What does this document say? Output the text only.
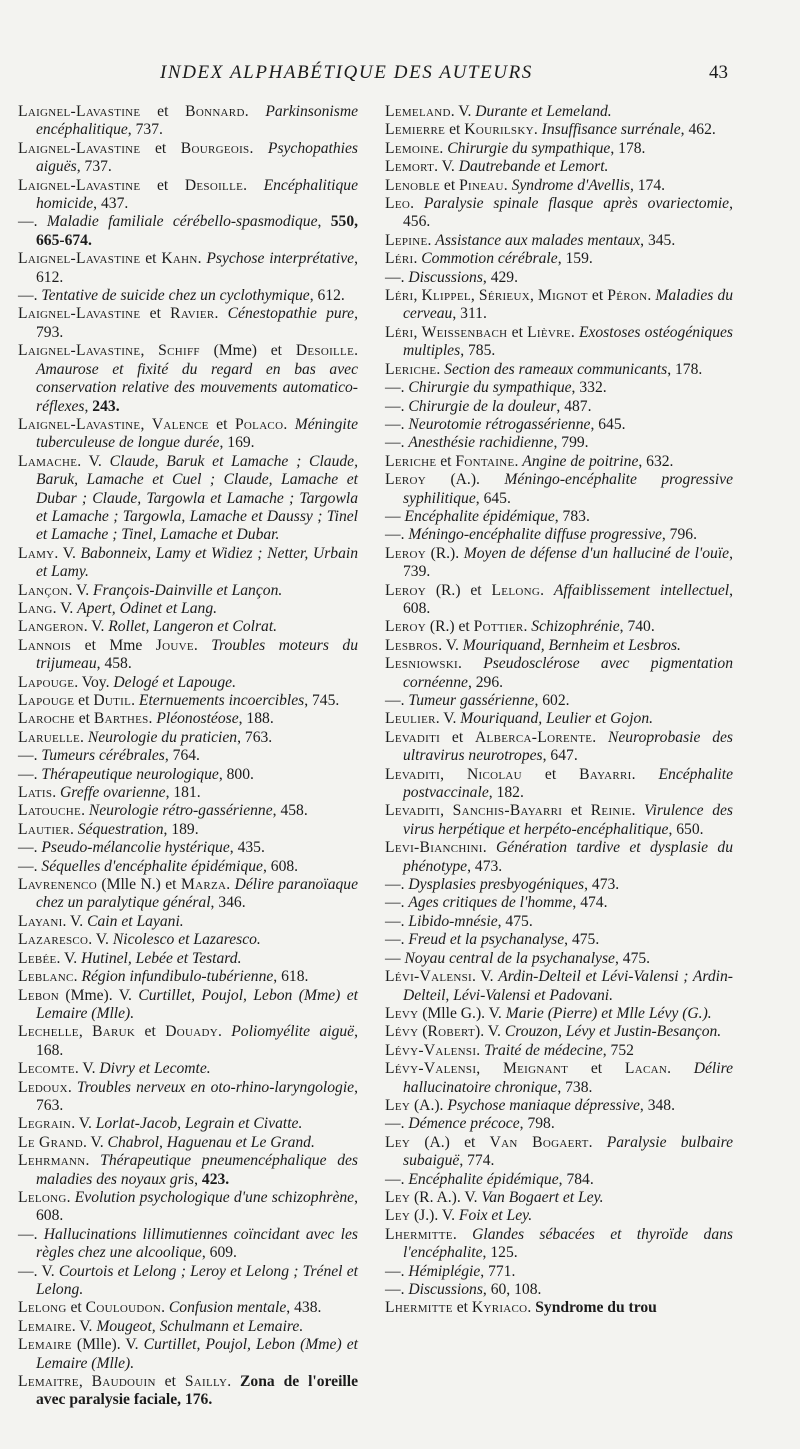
INDEX ALPHABÉTIQUE DES AUTEURS	43
Laignel-Lavastine et Bonnard. Parkinsonisme encéphalitique, 737.
Laignel-Lavastine et Bourgeois. Psychopathies aiguës, 737.
Laignel-Lavastine et Desoille. Encéphalitique homicide, 437.
—. Maladie familiale cérébello-spasmodique, 550, 665-674.
Laignel-Lavastine et Kahn. Psychose interprétative, 612.
—. Tentative de suicide chez un cyclothymique, 612.
Laignel-Lavastine et Ravier. Cénestopathie pure, 793.
Laignel-Lavastine, Schiff (Mme) et Desoille. Amaurose et fixité du regard en bas avec conservation relative des mouvements automatico-réflexes, 243.
Laignel-Lavastine, Valence et Polaco. Méningite tuberculeuse de longue durée, 169.
Lamache. V. Claude, Baruk et Lamache ; Claude, Baruk, Lamache et Cuel ; Claude, Lamache et Dubar ; Claude, Targowla et Lamache ; Targowla et Lamache ; Targowla, Lamache et Daussy ; Tinel et Lamache ; Tinel, Lamache et Dubar.
Lamy. V. Babonneix, Lamy et Widiez ; Netter, Urbain et Lamy.
Lançon. V. François-Dainville et Lançon.
Lang. V. Apert, Odinet et Lang.
Langeron. V. Rollet, Langeron et Colrat.
Lannois et Mme Jouve. Troubles moteurs du trijumeau, 458.
Lapouge. Voy. Delogé et Lapouge.
Lapouge et Dutil. Eternuements incoercibles, 745.
Laroche et Barthes. Pléonostéose, 188.
Laruelle. Neurologie du praticien, 763.
—. Tumeurs cérébrales, 764.
—. Thérapeutique neurologique, 800.
Latis. Greffe ovarienne, 181.
Latouche. Neurologie rétro-gassérienne, 458.
Lautier. Séquestration, 189.
—. Pseudo-mélancolie hystérique, 435.
—. Séquelles d'encéphalite épidémique, 608.
Lavrenenco (Mlle N.) et Marza. Délire paranoïaque chez un paralytique général, 346.
Layani. V. Cain et Layani.
Lazaresco. V. Nicolesco et Lazaresco.
Lebée. V. Hutinel, Lebée et Testard.
Leblanc. Région infundibulo-tubérienne, 618.
Lebon (Mme). V. Curtillet, Poujol, Lebon (Mme) et Lemaire (Mlle).
Lechelle, Baruk et Douady. Poliomyélite aiguë, 168.
Lecomte. V. Divry et Lecomte.
Ledoux. Troubles nerveux en oto-rhino-laryngologie, 763.
Legrain. V. Lorlat-Jacob, Legrain et Civatte.
Le Grand. V. Chabrol, Haguenau et Le Grand.
Lehrmann. Thérapeutique pneumencéphalique des maladies des noyaux gris, 423.
Lelong. Evolution psychologique d'une schizophrène, 608.
—. Hallucinations lillimutiennes coïncidant avec les règles chez une alcoolique, 609.
—. V. Courtois et Lelong ; Leroy et Lelong ; Trénel et Lelong.
Lelong et Couloudon. Confusion mentale, 438.
Lemaire. V. Mougeot, Schulmann et Lemaire.
Lemaire (Mlle). V. Curtillet, Poujol, Lebon (Mme) et Lemaire (Mlle).
Lemaitre, Baudouin et Sailly. Zona de l'oreille avec paralysie faciale, 176.
Lemeland. V. Durante et Lemeland.
Lemierre et Kourilsky. Insuffisance surrénale, 462.
Lemoine. Chirurgie du sympathique, 178.
Lemort. V. Dautrebande et Lemort.
Lenoble et Pineau. Syndrome d'Avellis, 174.
Leo. Paralysie spinale flasque après ovariectomie, 456.
Lepine. Assistance aux malades mentaux, 345.
Léri. Commotion cérébrale, 159.
—. Discussions, 429.
Léri, Klippel, Sérieux, Mignot et Péron. Maladies du cerveau, 311.
Léri, Weissenbach et Lièvre. Exostoses ostéogéniques multiples, 785.
Leriche. Section des rameaux communicants, 178.
—. Chirurgie du sympathique, 332.
—. Chirurgie de la douleur, 487.
—. Neurotomie rétrogassérienne, 645.
—. Anesthésie rachidienne, 799.
Leriche et Fontaine. Angine de poitrine, 632.
Leroy (A.). Méningo-encéphalite progressive syphilitique, 645.
— Encéphalite épidémique, 783.
—. Méningo-encéphalite diffuse progressive, 796.
Leroy (R.). Moyen de défense d'un halluciné de l'ouïe, 739.
Leroy (R.) et Lelong. Affaiblissement intellectuel, 608.
Leroy (R.) et Pottier. Schizophrénie, 740.
Lesbros. V. Mouriquand, Bernheim et Lesbros.
Lesniowski. Pseudosclérose avec pigmentation cornéenne, 296.
—. Tumeur gassérienne, 602.
Leulier. V. Mouriquand, Leulier et Gojon.
Levaditi et Alberca-Lorente. Neuroprobasie des ultravirus neurotropes, 647.
Levaditi, Nicolau et Bayarri. Encéphalite postvaccinale, 182.
Levaditi, Sanchis-Bayarri et Reinie. Virulence des virus herpétique et herpéto-encéphalitique, 650.
Levi-Bianchini. Génération tardive et dysplasie du phénotype, 473.
—. Dysplasies presbyogéniques, 473.
—. Ages critiques de l'homme, 474.
—. Libido-mnésie, 475.
—. Freud et la psychanalyse, 475.
— Noyau central de la psychanalyse, 475.
Lévi-Valensi. V. Ardin-Delteil et Lévi-Valensi ; Ardin-Delteil, Lévi-Valensi et Padovani.
Levy (Mlle G.). V. Marie (Pierre) et Mlle Lévy (G.).
Lévy (Robert). V. Crouzon, Lévy et Justin-Besançon.
Lévy-Valensi. Traité de médecine, 752
Lévy-Valensi, Meignant et Lacan. Délire hallucinatoire chronique, 738.
Ley (A.). Psychose maniaque dépressive, 348.
—. Démence précoce, 798.
Ley (A.) et Van Bogaert. Paralysie bulbaire subaiguë, 774.
—. Encéphalite épidémique, 784.
Ley (R. A.). V. Van Bogaert et Ley.
Ley (J.). V. Foix et Ley.
Lhermitte. Glandes sébacées et thyroïde dans l'encéphalite, 125.
—. Hémiplégie, 771.
—. Discussions, 60, 108.
Lhermitte et Kyriaco. Syndrome du trou
